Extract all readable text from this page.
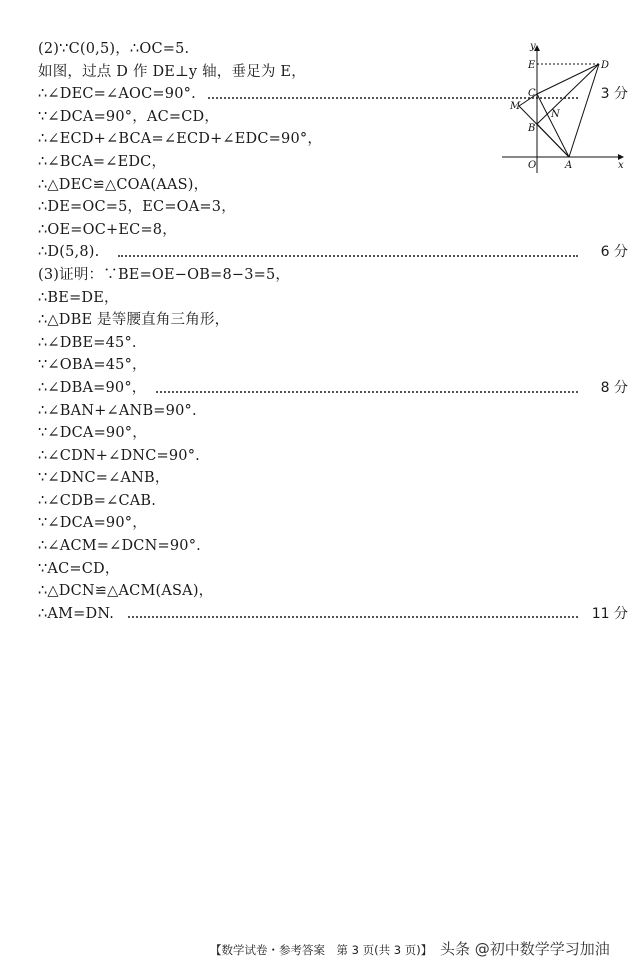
(2)∵C(0,5)，∴OC=5.
如图，过点 D 作 DE⊥y 轴，垂足为 E，
∴∠DEC=∠AOC=90°.	3 分
∵∠DCA=90°，AC=CD，
∴∠ECD+∠BCA=∠ECD+∠EDC=90°，
∴∠BCA=∠EDC，
∴△DEC≌△COA(AAS)，
∴DE=OC=5，EC=OA=3，
∴OE=OC+EC=8，
∴D(5,8).	6 分
(3)证明：∵BE=OE−OB=8−3=5，
∴BE=DE，
∴△DBE 是等腰直角三角形，
∴∠DBE=45°.
∵∠OBA=45°，
∴∠DBA=90°，	8 分
∴∠BAN+∠ANB=90°.
∵∠DCA=90°，
∴∠CDN+∠DNC=90°.
∵∠DNC=∠ANB，
∴∠CDB=∠CAB.
∵∠DCA=90°，
∴∠ACM=∠DCN=90°.
∵AC=CD，
∴△DCN≌△ACM(ASA)，
∴AM=DN.	11 分
y
x
E	D
C
M
N
B
O	A
【数学试卷・参考答案　第 3 页(共 3 页)】 头条 @初中数学学习加油
